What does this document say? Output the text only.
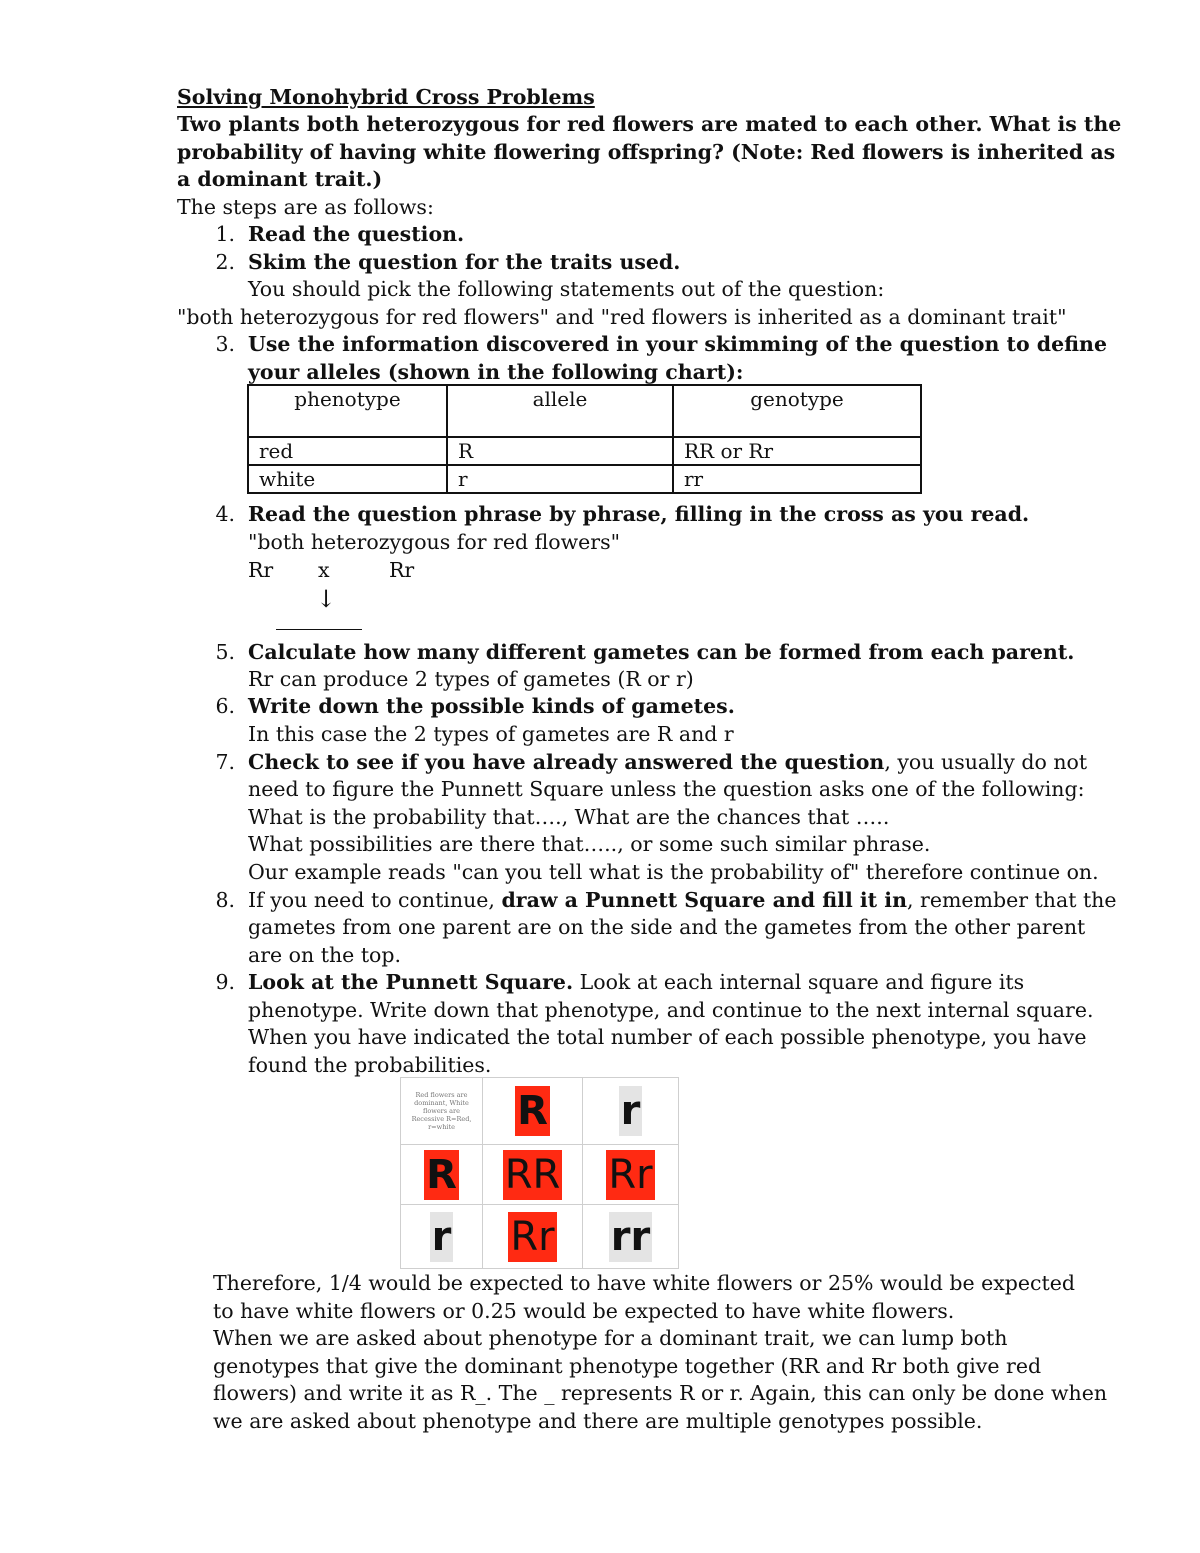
Solving Monohybrid Cross Problems
Two plants both heterozygous for red flowers are mated to each other. What is the
probability of having white flowering offspring? (Note: Red flowers is inherited as
a dominant trait.)
The steps are as follows:
1. Read the question.
2. Skim the question for the traits used.
You should pick the following statements out of the question:
"both heterozygous for red flowers" and "red flowers is inherited as a dominant trait"
3. Use the information discovered in your skimming of the question to define
your alleles (shown in the following chart):
phenotype	allele	genotype
red	R	RR or Rr
white	r	rr
4. Read the question phrase by phrase, filling in the cross as you read.
"both heterozygous for red flowers"
Rr x	Rr
↓
5. Calculate how many different gametes can be formed from each parent.
Rr can produce 2 types of gametes (R or r)
6. Write down the possible kinds of gametes.
In this case the 2 types of gametes are R and r
7. Check to see if you have already answered the question, you usually do not
need to figure the Punnett Square unless the question asks one of the following:
What is the probability that…., What are the chances that …..
What possibilities are there that….., or some such similar phrase.
Our example reads "can you tell what is the probability of" therefore continue on.
8. If you need to continue, draw a Punnett Square and fill it in, remember that the
gametes from one parent are on the side and the gametes from the other parent
are on the top.
9. Look at the Punnett Square. Look at each internal square and figure its
phenotype. Write down that phenotype, and continue to the next internal square.
When you have indicated the total number of each possible phenotype, you have
found the probabilities.
Red flowers are dominant, White flowers are Recessive R=Red, r=white	R r
R RR Rr
r Rr rr
Therefore, 1/4 would be expected to have white flowers or 25% would be expected
to have white flowers or 0.25 would be expected to have white flowers.
When we are asked about phenotype for a dominant trait, we can lump both
genotypes that give the dominant phenotype together (RR and Rr both give red
flowers) and write it as R_. The _ represents R or r. Again, this can only be done when
we are asked about phenotype and there are multiple genotypes possible.
